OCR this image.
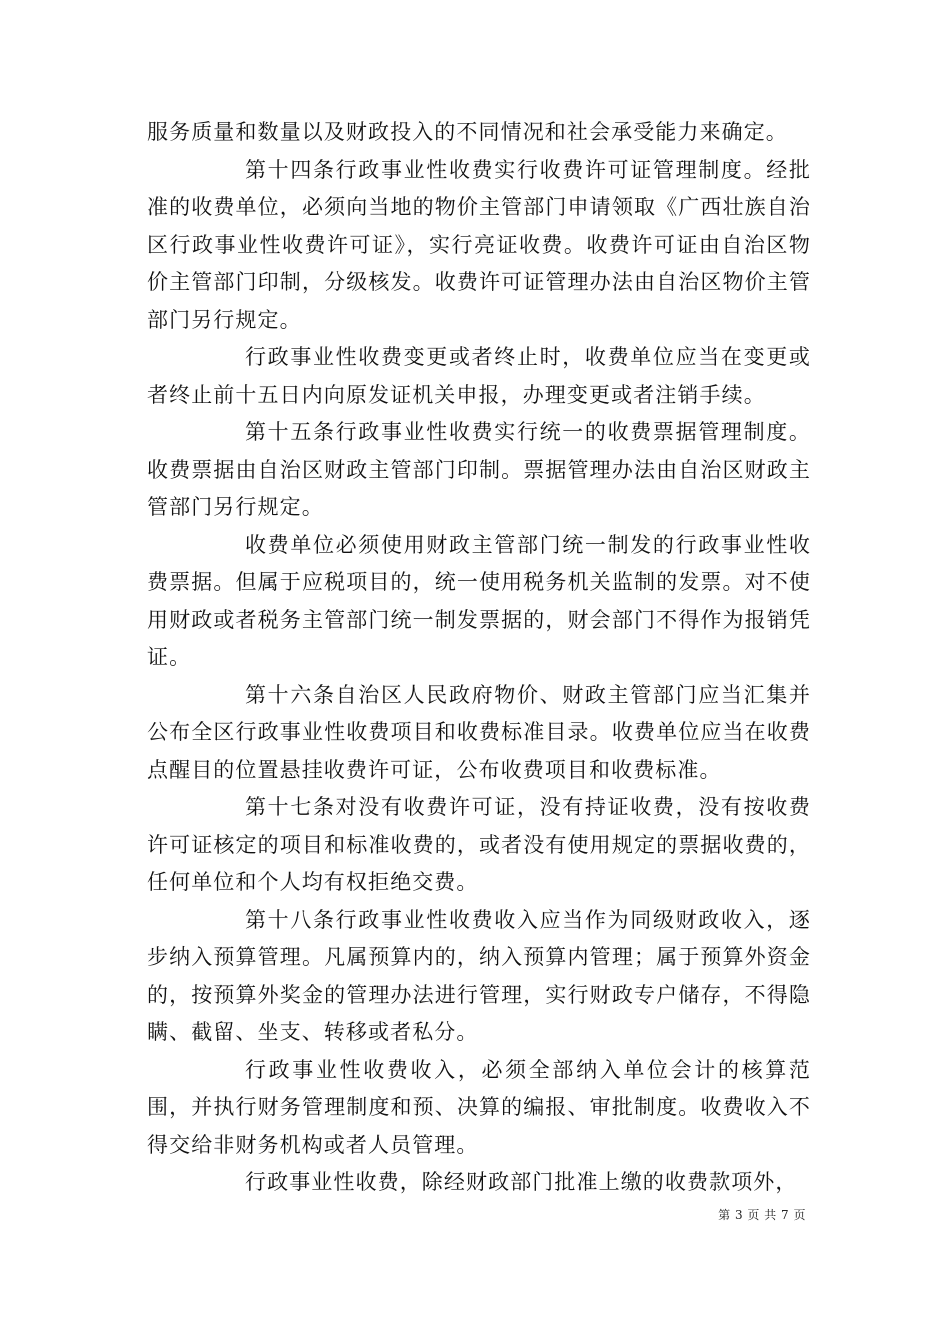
服务质量和数量以及财政投入的不同情况和社会承受能力来确定。

第十四条行政事业性收费实行收费许可证管理制度。经批准的收费单位，必须向当地的物价主管部门申请领取《广西壮族自治区行政事业性收费许可证》，实行亮证收费。收费许可证由自治区物价主管部门印制，分级核发。收费许可证管理办法由自治区物价主管部门另行规定。

行政事业性收费变更或者终止时，收费单位应当在变更或者终止前十五日内向原发证机关申报，办理变更或者注销手续。

第十五条行政事业性收费实行统一的收费票据管理制度。收费票据由自治区财政主管部门印制。票据管理办法由自治区财政主管部门另行规定。

收费单位必须使用财政主管部门统一制发的行政事业性收费票据。但属于应税项目的，统一使用税务机关监制的发票。对不使用财政或者税务主管部门统一制发票据的，财会部门不得作为报销凭证。

第十六条自治区人民政府物价、财政主管部门应当汇集并公布全区行政事业性收费项目和收费标准目录。收费单位应当在收费点醒目的位置悬挂收费许可证，公布收费项目和收费标准。

第十七条对没有收费许可证，没有持证收费，没有按收费许可证核定的项目和标准收费的，或者没有使用规定的票据收费的，任何单位和个人均有权拒绝交费。

第十八条行政事业性收费收入应当作为同级财政收入，逐步纳入预算管理。凡属预算内的，纳入预算内管理；属于预算外资金的，按预算外奖金的管理办法进行管理，实行财政专户储存，不得隐瞒、截留、坐支、转移或者私分。

行政事业性收费收入，必须全部纳入单位会计的核算范围，并执行财务管理制度和预、决算的编报、审批制度。收费收入不得交给非财务机构或者人员管理。

行政事业性收费，除经财政部门批准上缴的收费款项外，

第 3 页 共 7 页
